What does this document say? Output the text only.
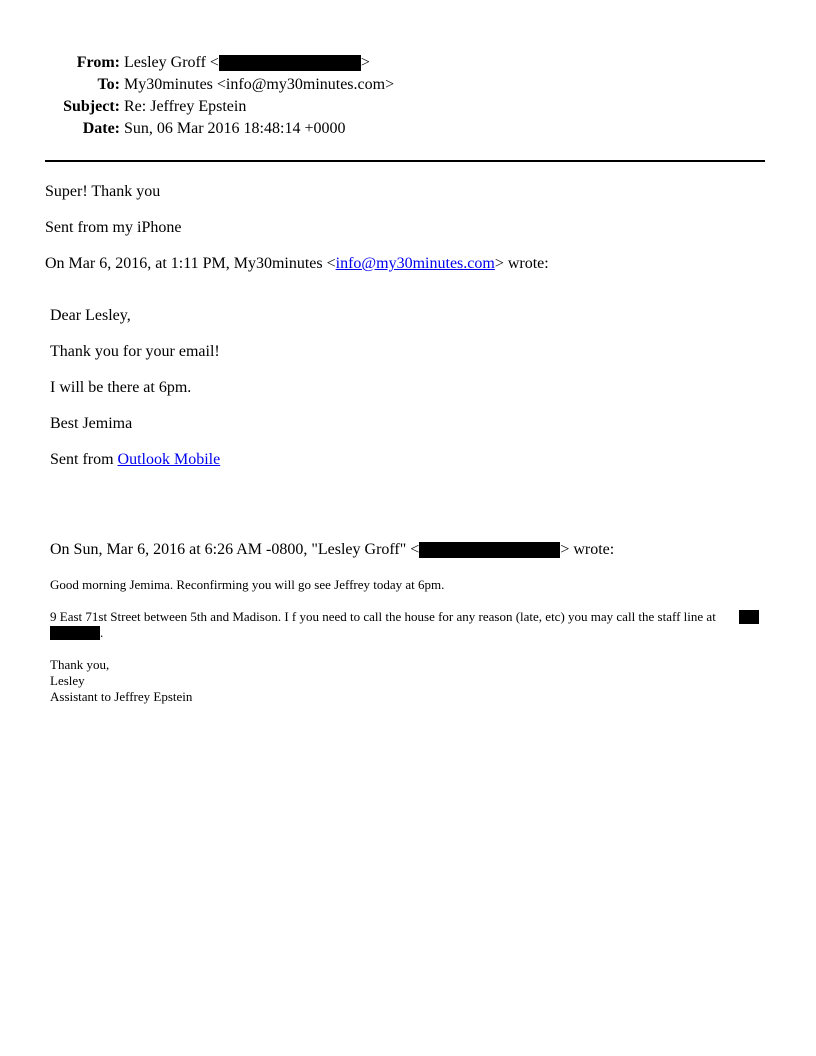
From: Lesley Groff <	>
To: My30minutes <info@my30minutes.com>
Subject: Re: Jeffrey Epstein
Date: Sun, 06 Mar 2016 18:48:14 +0000
Super! Thank you
Sent from my iPhone
On Mar 6, 2016, at 1:11 PM, My30minutes <info@my30minutes.com> wrote:
Dear Lesley,
Thank you for your email!
I will be there at 6pm.
Best Jemima
Sent from Outlook Mobile
On Sun, Mar 6, 2016 at 6:26 AM -0800, "Lesley Groff" <	> wrote:
Good morning Jemima. Reconfirming you will go see Jeffrey today at 6pm.
9 East 71st Street between 5th and Madison. I f you need to call the house for any reason (late, etc) you may call the staff line at
.
Thank you,
Lesley
Assistant to Jeffrey Epstein
